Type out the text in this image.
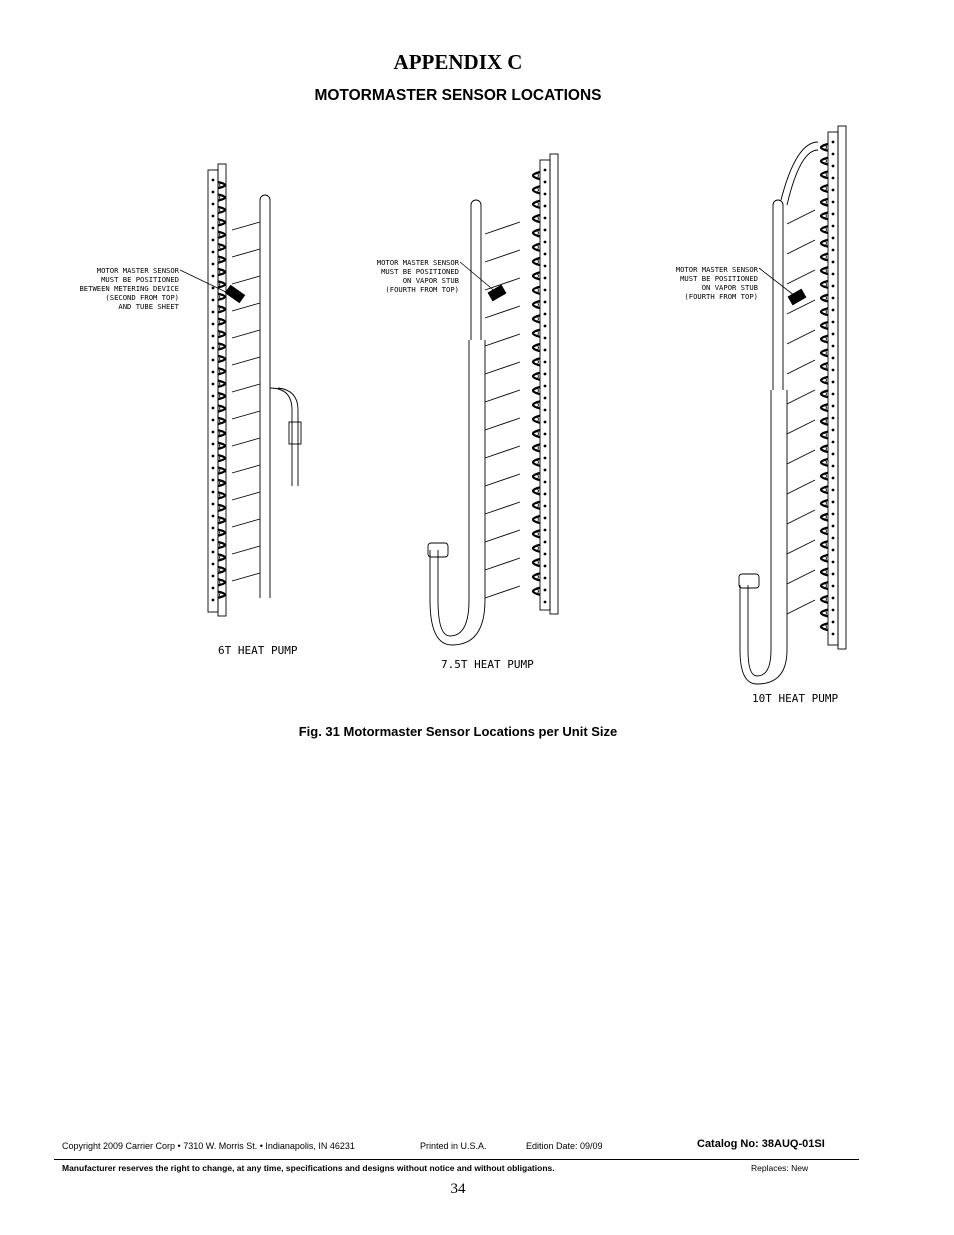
APPENDIX C
MOTORMASTER SENSOR LOCATIONS
MOTOR MASTER SENSOR
MUST BE POSITIONED
BETWEEN METERING DEVICE
(SECOND FROM TOP)
AND TUBE SHEET
MOTOR MASTER SENSOR
MUST BE POSITIONED
ON VAPOR STUB
(FOURTH FROM TOP)
MOTOR MASTER SENSOR
MUST BE POSITIONED
ON VAPOR STUB
(FOURTH FROM TOP)
6T HEAT PUMP
7.5T HEAT PUMP
10T HEAT PUMP
Fig. 31 Motormaster Sensor Locations per Unit Size
Copyright 2009 Carrier Corp • 7310 W. Morris St. • Indianapolis, IN 46231	Printed in U.S.A.	Edition Date: 09/09	Catalog No: 38AUQ-01SI
Manufacturer reserves the right to change, at any time, specifications and designs without notice and without obligations.	Replaces: New
34
